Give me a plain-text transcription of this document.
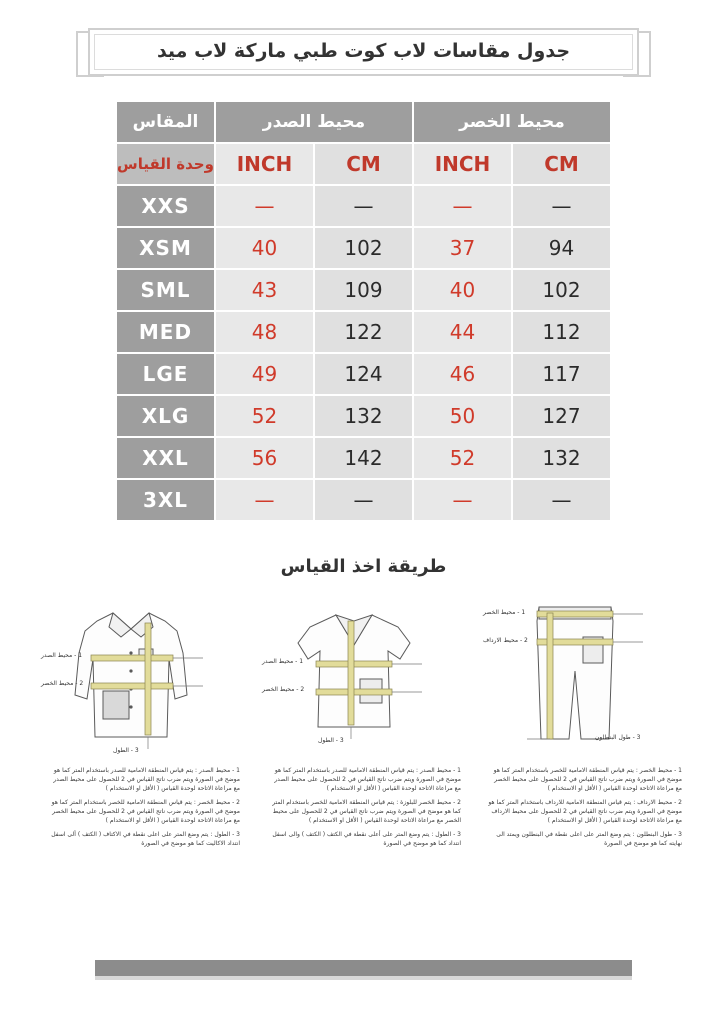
جدول مقاسات لاب كوت طبي ماركة لاب ميد
محيط الخصر		محيط الصدر		المقاس
CM	INCH	CM	INCH	وحدة القياس
—	—	—	—	XXS
94	37	102	40	XSM
102	40	109	43	SML
112	44	122	48	MED
117	46	124	49	LGE
127	50	132	52	XLG
132	52	142	56	XXL
—	—	—	—	3XL
طريقة اخذ القياس
1 - محيط الصدر
2 - محيط الخصر
3 - الطول

1 - محيط الصدر : يتم قياس المنطقة الامامية للصدر باستخدام المتر كما هو موضح في الصورة ويتم ضرب ناتج القياس في 2 للحصول على محيط الصدر مع مراعاة الاتاحة لوحدة القياس ( الأقل او الاستخدام )

2 - محيط الخصر : يتم قياس المنطقة الامامية للخصر باستخدام المتر كما هو موضح في الصورة ويتم ضرب ناتج القياس في 2 للحصول على محيط الخصر مع مراعاة الاتاحة لوحدة القياس ( الأقل او الاستخدام )

3 - الطول : يتم وضع المتر على اعلى نقطة في الاكتاف ( الكتف ) ألى اسفل انتداد الاكاليت كما هو موضح في الصورة

1 - محيط الصدر
2 - محيط الخصر
3 - الطول

1 - محيط الصدر : يتم قياس المنطقة الامامية للصدر باستخدام المتر كما هو موضح في الصورة ويتم ضرب ناتج القياس في 2 للحصول على محيط الصدر مع مراعاة الاتاحة لوحدة القياس ( الأقل او الاستخدام )

2 - محيط الخصر للبلوزة : يتم قياس المنطقة الامامية للخصر باستخدام المتر كما هو موضح في الصورة ويتم ضرب ناتج القياس في 2 للحصول على محيط الخصر مع مراعاة الاتاحة لوحدة القياس ( الأقل او الاستخدام )

3 - الطول : يتم وضع المتر على أعلى نقطة في الكتف ( الكتف ) والى اسفل انتداد كما هو موضح في الصورة

1 - محيط الخصر
2 - محيط الارداف
3 - طول البنطلون

1 - محيط الخصر : يتم قياس المنطقة الامامية للخصر باستخدام المتر كما هو موضح في الصورة ويتم ضرب ناتج القياس في 2 للحصول على محيط الخصر مع مراعاة الاتاحة لوحدة القياس ( الأقل او الاستخدام )

2 - محيط الارداف : يتم قياس المنطقة الامامية للارداف باستخدام المتر كما هو موضح في الصورة ويتم ضرب ناتج القياس في 2 للحصول على محيط الارداف مع مراعاة الاتاحة لوحدة القياس ( الأقل او الاستخدام )

3 - طول البنطلون : يتم وضع المتر على اعلى نقطة في البنطلون ويمتد الى نهايته كما هو موضح في الصورة
